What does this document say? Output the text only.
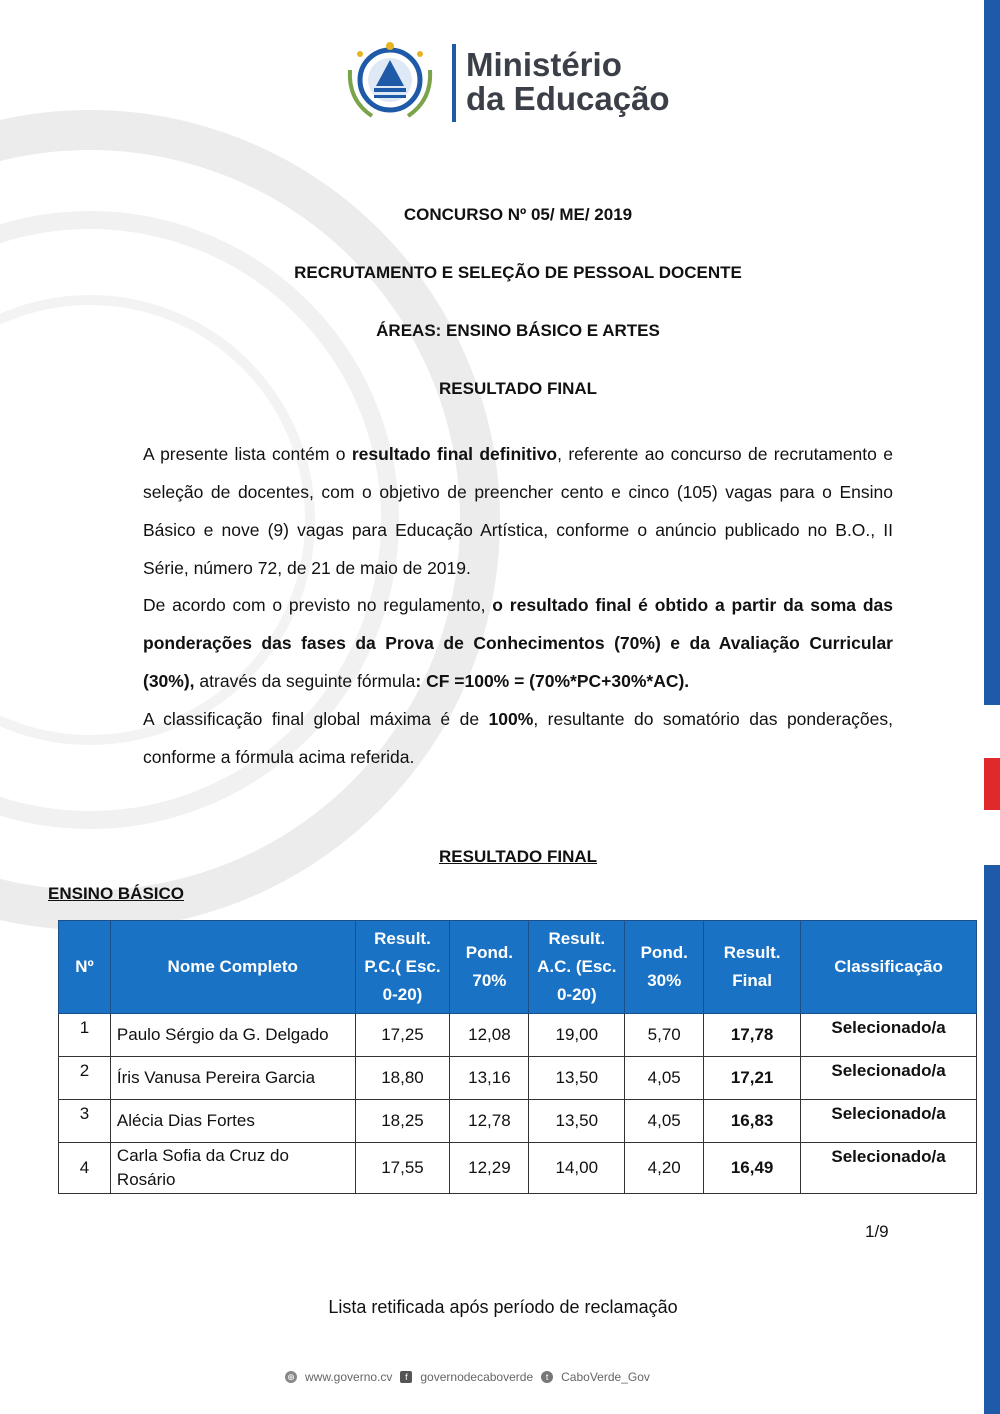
Ministério
da Educação
CONCURSO Nº 05/ ME/ 2019
RECRUTAMENTO E SELEÇÃO DE PESSOAL DOCENTE
ÁREAS: ENSINO BÁSICO E ARTES
RESULTADO FINAL
A presente lista contém o resultado final definitivo, referente ao concurso de recrutamento e seleção de docentes, com o objetivo de preencher cento e cinco (105) vagas para o Ensino Básico e nove (9) vagas para Educação Artística, conforme o anúncio publicado no B.O., II Série, número 72, de 21 de maio de 2019.
De acordo com o previsto no regulamento, o resultado final é obtido a partir da soma das ponderações das fases da Prova de Conhecimentos (70%) e da Avaliação Curricular (30%), através da seguinte fórmula: CF =100% = (70%*PC+30%*AC).
A classificação final global máxima é de 100%, resultante do somatório das ponderações, conforme a fórmula acima referida.
RESULTADO FINAL
ENSINO BÁSICO
Nº	Nome Completo	Result. P.C.( Esc. 0-20)	Pond. 70%	Result. A.C. (Esc. 0-20)	Pond. 30%	Result. Final	Classificação
1	Paulo Sérgio da G. Delgado	17,25	12,08	19,00	5,70	17,78	Selecionado/a
2	Íris Vanusa Pereira Garcia	18,80	13,16	13,50	4,05	17,21	Selecionado/a
3	Alécia Dias Fortes	18,25	12,78	13,50	4,05	16,83	Selecionado/a
4	Carla Sofia da Cruz do Rosário	17,55	12,29	14,00	4,20	16,49	Selecionado/a
1/9
Lista retificada após período de reclamação
⊕ www.governo.cv	f	governodecaboverde	t	CaboVerde_Gov
